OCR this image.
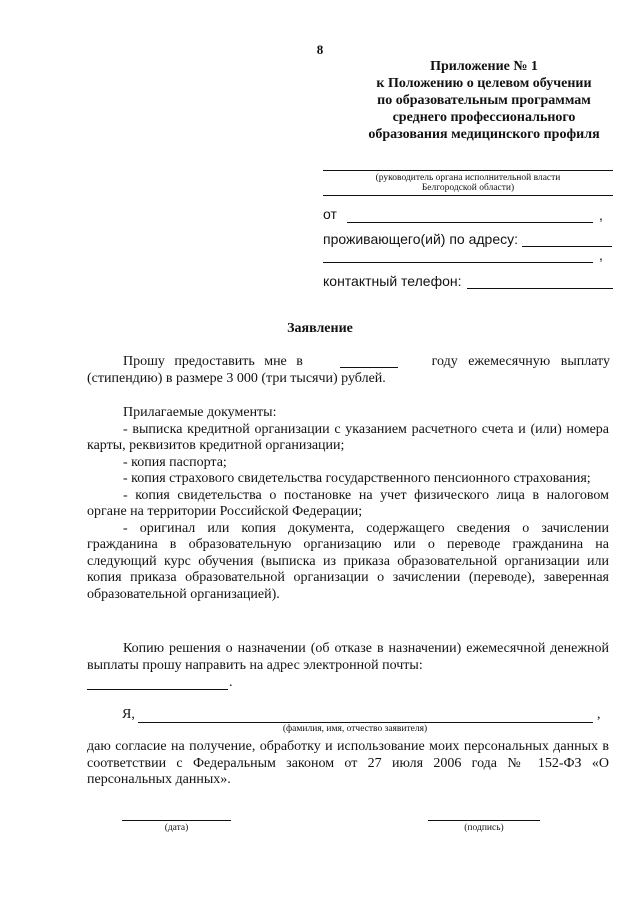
8
Приложение № 1
к Положению о целевом обучении
по образовательным программам
среднего профессионального
образования медицинского профиля
(руководитель органа исполнительной власти
Белгородской области)
от	,
проживающего(ий) по адресу:
,
контактный телефон:
Заявление
Прошу предоставить мне в	году ежемесячную выплату
(стипендию) в размере 3 000 (три тысячи) рублей.
Прилагаемые документы:
- выписка кредитной организации с указанием расчетного счета и (или) номера карты, реквизитов кредитной организации;
- копия паспорта;
- копия страхового свидетельства государственного пенсионного страхования;
- копия свидетельства о постановке на учет физического лица в налоговом органе на территории Российской Федерации;
- оригинал или копия документа, содержащего сведения о зачислении гражданина в образовательную организацию или о переводе гражданина на следующий курс обучения (выписка из приказа образовательной организации или копия приказа образовательной организации о зачислении (переводе), заверенная образовательной организацией).
Копию решения о назначении (об отказе в назначении) ежемесячной денежной выплаты прошу направить на адрес электронной почты:
.
Я,	,
(фамилия, имя, отчество заявителя)
даю согласие на получение, обработку и использование моих персональных данных в соответствии с Федеральным законом от 27 июля 2006 года № 152-ФЗ «О персональных данных».
(дата)	(подпись)
